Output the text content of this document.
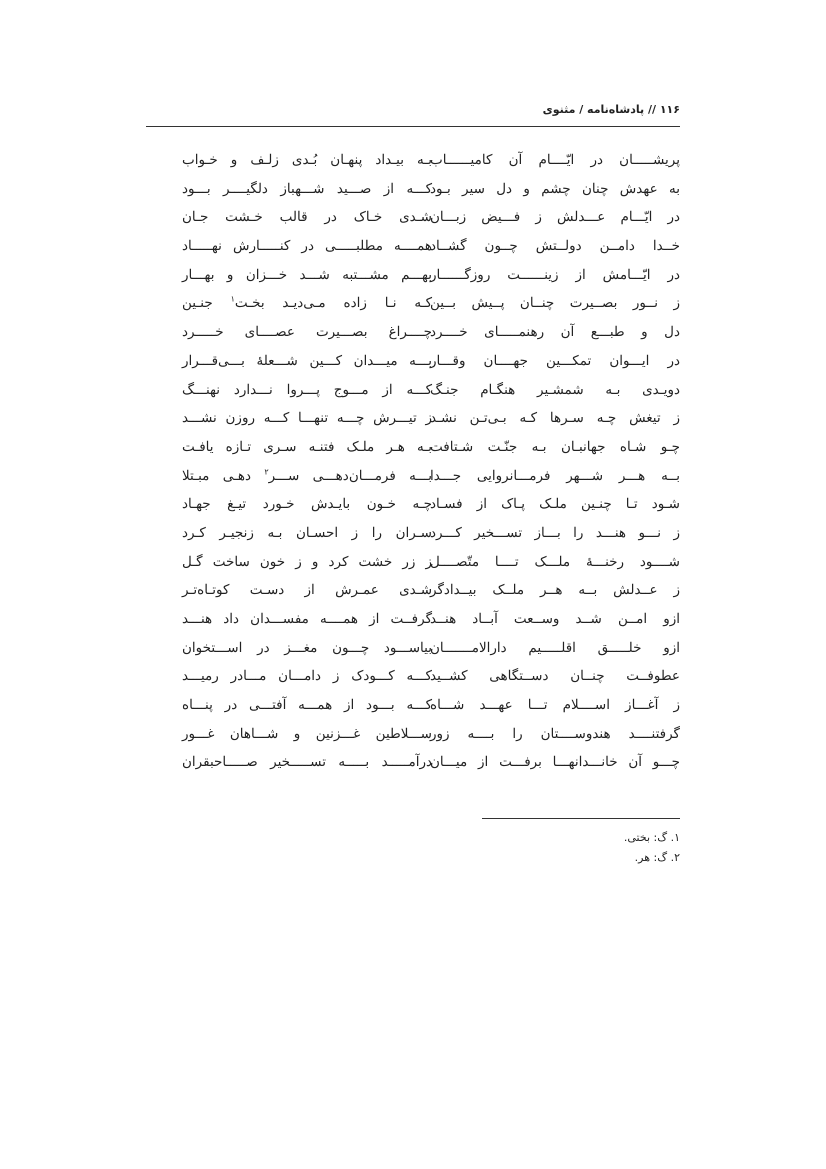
۱۱۶ // پادشاه‌نامه / مثنوی
پریشـــــان در ایّــــام آن کامیــــــاب
به عهدش چنان چشم و دل سیر بـود
در ایّـــام عـــدلش ز فـــیض زبـــان
خــدا دامــن دولــتش چــون گشــاد
در ایّـــامش از زینــــــت روزگــــــار
ز نــور بصــیرت چنــان پــیش بــین
دل و طبـــع آن رهنمـــــای خــــرد
در ایـــوان تمکـــین جهــــان وقـــار
دویـدی بـه شمشـیر هنگـام جنـگ
ز تیغش چـه سـرها کـه بـی‌تـن نشـد
چـو شـاه جهانبـان بـه جنّـت شـتافت
بــه هـــر شـــهر فرمـــانروایی جـــدا
شـود تـا چنـین ملـک پـاک از فسـاد
ز نـــو هنـــد را بـــاز تســـخیر کـــرد
شــــود رخنـــهٔ ملـــک تــــا متّصــــل
ز عــدلش بــه هــر ملــک بیــدادگر
ازو امــن شــد وســعت آبــاد هنــد
ازو خلـــــق اقلـــــیم دارالامـــــــان
عطوفــت چنــان دســتگاهی کشــید
ز آغـــاز اســــلام تـــا عهـــد شـــاه
گرفتنــــد هندوســــتان را بــــه زور
چـــو آن خانـــدانهـــا برفـــت از میـــان
بـه بیـداد پنهـان بُـدی زلـف و خـواب
کـــه از صـــید شـــهباز دلگیــــر بـــود
شـدی خـاک در قالب خـشت جـان
همــــه مطلبـــــی در کنـــــارش نهـــــاد
بهـــم مشـــتبه شـــد خـــزان و بهـــار
کـه نـا زاده مـی‌دیـد بخـت$^۱$ جنـین
چــــراغ بصـــیرت عصــــای خـــــرد
بـــه میـــدان کـــین شـــعلهٔ بـــی‌قـــرار
کـــه از مـــوج پـــروا نـــدارد نهنـــگ
ز تیـــرش چـــه تنهـــا کـــه روزن نشـــد
بـه هـر ملـک فتنـه سـری تـازه یافـت
بـــه فرمـــان‌دهـــی ســـر$^۲$ دهـی مبـتلا
چـه خـون بایـدش خـورد تیـغ جهـاد
سـران را ز احسـان بـه زنجیـر کـرد
ز زر خشت کرد و ز خون ساخت گـل
شـدی عمـرش از دسـت کوتـاه‌تـر
گرفــت از همــــه مفســـدان داد هنـــد
بیاســـود چـــون مغـــز در اســـتخوان
کـــه کـــودک ز دامـــان مـــادر رمیـــد
کـــه بـــود از همـــه آفتـــی در پنـــاه
ســـلاطین غـــزنین و شـــاهان غـــور
درآمـــــد بـــــه تســـــخیر صـــــاحبقران
۱. گ: بختی.
۲. گ: هر.
